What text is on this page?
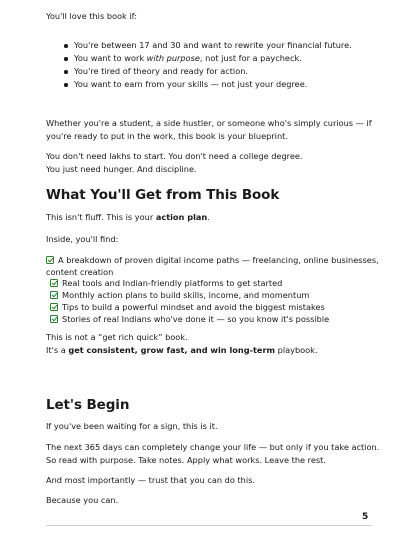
You'll love this book if:

You're between 17 and 30 and want to rewrite your financial future.
You want to work with purpose, not just for a paycheck.
You're tired of theory and ready for action.
You want to earn from your skills — not just your degree.

Whether you're a student, a side hustler, or someone who's simply curious — if

you're ready to put in the work, this book is your blueprint.

You don't need lakhs to start. You don't need a college degree.

You just need hunger. And discipline.

What You'll Get from This Book

This isn't fluff. This is your action plan.

Inside, you'll find:

A breakdown of proven digital income paths — freelancing, online businesses,
content creation
Real tools and Indian-friendly platforms to get started
Monthly action plans to build skills, income, and momentum
Tips to build a powerful mindset and avoid the biggest mistakes
Stories of real Indians who've done it — so you know it's possible

This is not a “get rich quick” book.

It's a get consistent, grow fast, and win long-term playbook.

Let's Begin

If you've been waiting for a sign, this is it.

The next 365 days can completely change your life — but only if you take action.

So read with purpose. Take notes. Apply what works. Leave the rest.

And most importantly — trust that you can do this.

Because you can.

5
